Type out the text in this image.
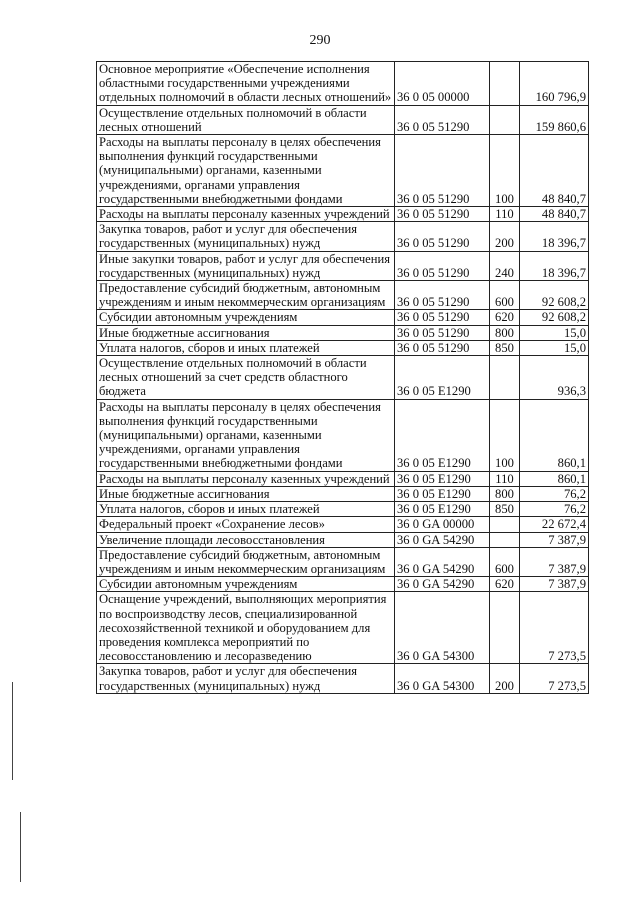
290
Основное мероприятие «Обеспечение исполнения областными государственными учреждениями отдельных полномочий в области лесных отношений»	36 0 05 00000		160 796,9
Осуществление отдельных полномочий в области лесных отношений	36 0 05 51290		159 860,6
Расходы на выплаты персоналу в целях обеспечения выполнения функций государственными (муниципальными) органами, казенными учреждениями, органами управления государственными внебюджетными фондами	36 0 05 51290	100	48 840,7
Расходы на выплаты персоналу казенных учреждений	36 0 05 51290	110	48 840,7
Закупка товаров, работ и услуг для обеспечения государственных (муниципальных) нужд	36 0 05 51290	200	18 396,7
Иные закупки товаров, работ и услуг для обеспечения государственных (муниципальных) нужд	36 0 05 51290	240	18 396,7
Предоставление субсидий бюджетным, автономным учреждениям и иным некоммерческим организациям	36 0 05 51290	600	92 608,2
Субсидии автономным учреждениям	36 0 05 51290	620	92 608,2
Иные бюджетные ассигнования	36 0 05 51290	800	15,0
Уплата налогов, сборов и иных платежей	36 0 05 51290	850	15,0
Осуществление отдельных полномочий в области лесных отношений за счет средств областного бюджета	36 0 05 E1290		936,3
Расходы на выплаты персоналу в целях обеспечения выполнения функций государственными (муниципальными) органами, казенными учреждениями, органами управления государственными внебюджетными фондами	36 0 05 E1290	100	860,1
Расходы на выплаты персоналу казенных учреждений	36 0 05 E1290	110	860,1
Иные бюджетные ассигнования	36 0 05 E1290	800	76,2
Уплата налогов, сборов и иных платежей	36 0 05 E1290	850	76,2
Федеральный проект «Сохранение лесов»	36 0 GA 00000		22 672,4
Увеличение площади лесовосстановления	36 0 GA 54290		7 387,9
Предоставление субсидий бюджетным, автономным учреждениям и иным некоммерческим организациям	36 0 GA 54290	600	7 387,9
Субсидии автономным учреждениям	36 0 GA 54290	620	7 387,9
Оснащение учреждений, выполняющих мероприятия по воспроизводству лесов, специализированной лесохозяйственной техникой и оборудованием для проведения комплекса мероприятий по лесовосстановлению и лесоразведению	36 0 GA 54300		7 273,5
Закупка товаров, работ и услуг для обеспечения государственных (муниципальных) нужд	36 0 GA 54300	200	7 273,5
